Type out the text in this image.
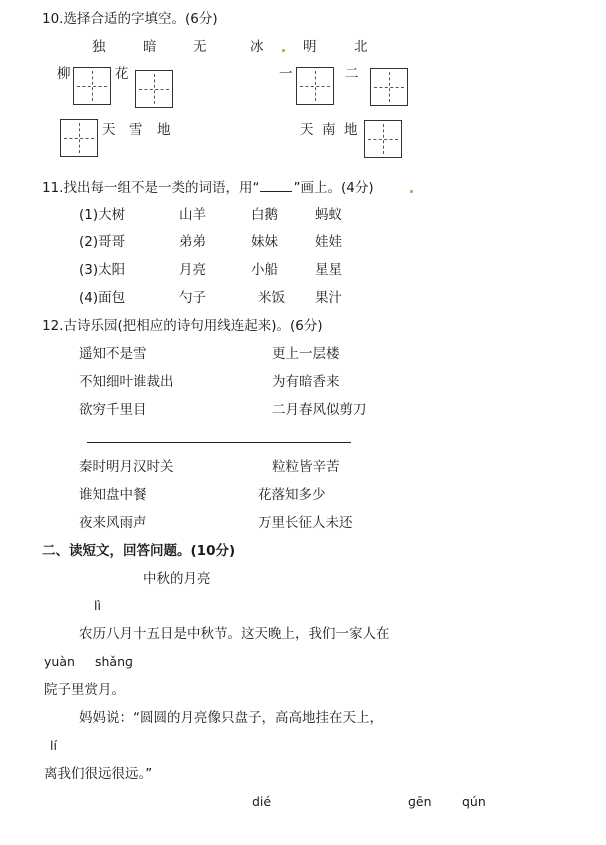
10.选择合适的字填空。(6分)
独	暗	无	冰	明	北
柳	花	一	二
天 雪 地	天 南 地
11.找出每一组不是一类的词语，用“	”画上。(4分)
(1)大树	山羊	白鹅	蚂蚁
(2)哥哥	弟弟	妹妹	娃娃
(3)太阳	月亮	小船	星星
(4)面包	勺子	米饭 果汁
12.古诗乐园(把相应的诗句用线连起来)。(6分)
遥知不是雪	更上一层楼
不知细叶谁裁出	为有暗香来
欲穷千里目	二月春风似剪刀
秦时明月汉时关	粒粒皆辛苦
谁知盘中餐	花落知多少
夜来风雨声	万里长征人未还
二、读短文，回答问题。(10分)
中秋的月亮
lì
农历八月十五日是中秋节。这天晚上，我们一家人在
yuàn shǎnɡ
院子里赏月。
妈妈说：“圆圆的月亮像只盘子，高高地挂在天上，
lí
离我们很远很远。”
dié	ɡēn qún
